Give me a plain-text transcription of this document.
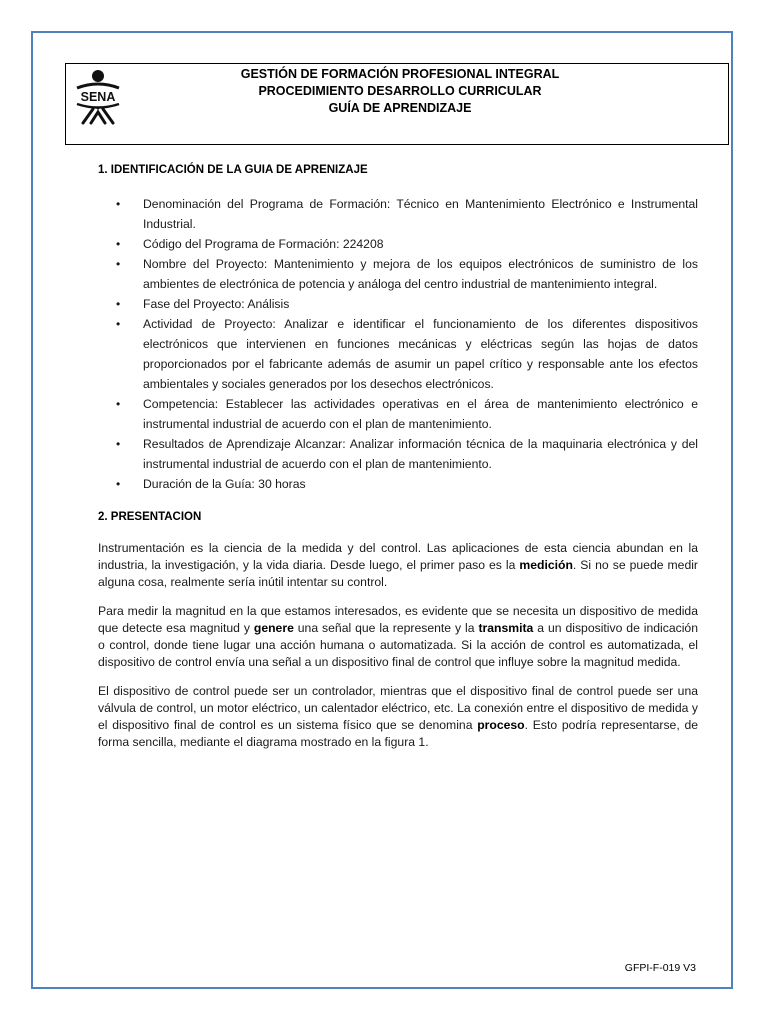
SENA
GESTIÓN DE FORMACIÓN PROFESIONAL INTEGRAL
PROCEDIMIENTO DESARROLLO CURRICULAR
GUÍA DE APRENDIZAJE
1. IDENTIFICACIÓN DE LA GUIA DE APRENIZAJE
• Denominación del Programa de Formación: Técnico en Mantenimiento Electrónico e Instrumental Industrial.
• Código del Programa de Formación: 224208
• Nombre del Proyecto: Mantenimiento y mejora de los equipos electrónicos de suministro de los ambientes de electrónica de potencia y análoga del centro industrial de mantenimiento integral.
• Fase del Proyecto: Análisis
• Actividad de Proyecto: Analizar e identificar el funcionamiento de los diferentes dispositivos electrónicos que intervienen en funciones mecánicas y eléctricas según las hojas de datos proporcionados por el fabricante además de asumir un papel crítico y responsable ante los efectos ambientales y sociales generados por los desechos electrónicos.
• Competencia: Establecer las actividades operativas en el área de mantenimiento electrónico e instrumental industrial de acuerdo con el plan de mantenimiento.
• Resultados de Aprendizaje Alcanzar: Analizar información técnica de la maquinaria electrónica y del instrumental industrial de acuerdo con el plan de mantenimiento.
• Duración de la Guía: 30 horas
2. PRESENTACION

Instrumentación es la ciencia de la medida y del control. Las aplicaciones de esta ciencia abundan en la industria, la investigación, y la vida diaria. Desde luego, el primer paso es la medición. Si no se puede medir alguna cosa, realmente sería inútil intentar su control.

Para medir la magnitud en la que estamos interesados, es evidente que se necesita un dispositivo de medida que detecte esa magnitud y genere una señal que la represente y la transmita a un dispositivo de indicación o control, donde tiene lugar una acción humana o automatizada. Si la acción de control es automatizada, el dispositivo de control envía una señal a un dispositivo final de control que influye sobre la magnitud medida.

El dispositivo de control puede ser un controlador, mientras que el dispositivo final de control puede ser una válvula de control, un motor eléctrico, un calentador eléctrico, etc. La conexión entre el dispositivo de medida y el dispositivo final de control es un sistema físico que se denomina proceso. Esto podría representarse, de forma sencilla, mediante el diagrama mostrado en la figura 1.

GFPI-F-019 V3
